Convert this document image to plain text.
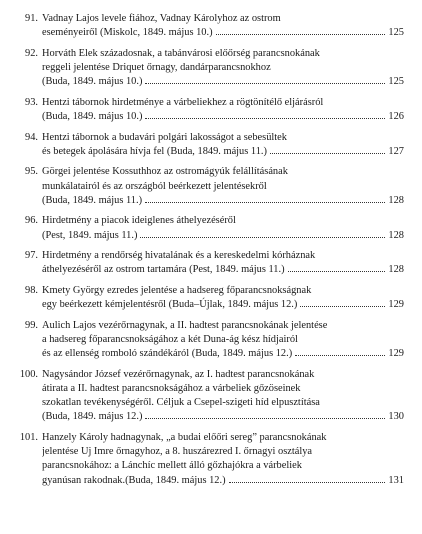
91. Vadnay Lajos levele fiához, Vadnay Károlyhoz az ostrom
eseményeiről (Miskolc, 1849. május 10.)	125
92. Horváth Elek századosnak, a tabánvárosi előőrség parancsnokának
reggeli jelentése Driquet őrnagy, dandárparancsnokhoz
(Buda, 1849. május 10.)	125
93. Hentzi tábornok hirdetménye a várbeliekhez a rögtönítélő eljárásról
(Buda, 1849. május 10.)	126
94. Hentzi tábornok a budavári polgári lakosságot a sebesültek
és betegek ápolására hívja fel (Buda, 1849. május 11.)	127
95. Görgei jelentése Kossuthhoz az ostromágyúk felállításának
munkálatairól és az országból beérkezett jelentésekről
(Buda, 1849. május 11.)	128
96. Hirdetmény a piacok ideiglenes áthelyezéséről
(Pest, 1849. május 11.)	128
97. Hirdetmény a rendőrség hivatalának és a kereskedelmi kórháznak
áthelyezéséről az ostrom tartamára (Pest, 1849. május 11.)	128
98. Kmety György ezredes jelentése a hadsereg főparancsnokságnak
egy beérkezett kémjelentésről (Buda–Újlak, 1849. május 12.)	129
99. Aulich Lajos vezérőrnagynak, a II. hadtest parancsnokának jelentése
a hadsereg főparancsnokságához a két Duna-ág kész hídjairól
és az ellenség romboló szándékáról (Buda, 1849. május 12.)	129
100. Nagysándor József vezérőrnagynak, az I. hadtest parancsnokának
átirata a II. hadtest parancsnokságához a várbeliek gőzöseinek
szokatlan tevékenységéről. Céljuk a Csepel-szigeti híd elpusztítása
(Buda, 1849. május 12.)	130
101. Hanzely Károly hadnagynak, „a budai előőri sereg” parancsnokának
jelentése Uj Imre őrnagyhoz, a 8. huszárezred I. őrnagyi osztálya
parancsnokához: a Lánchíc mellett álló gőzhajókra a várbeliek
gyanúsan rakodnak.(Buda, 1849. május 12.)	131
